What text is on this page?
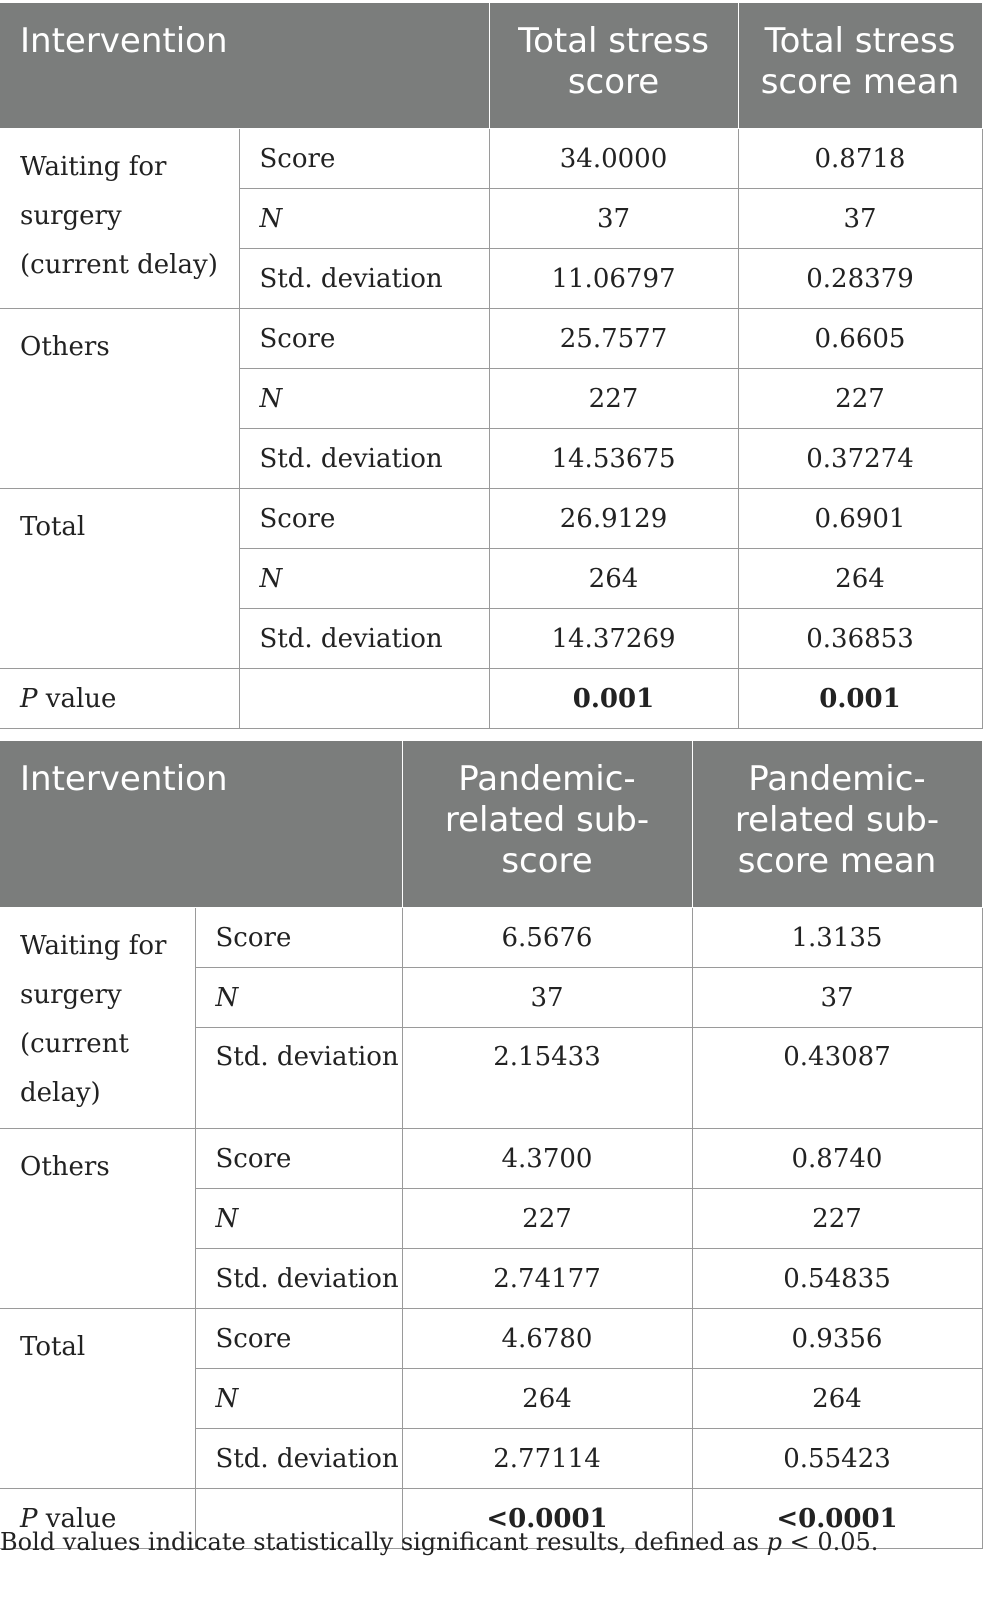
Intervention		Total stress score	Total stress score mean
Waiting for surgery (current delay)	Score	34.0000	0.8718
	N	37	37
	Std. deviation	11.06797	0.28379
Others	Score	25.7577	0.6605
	N	227	227
	Std. deviation	14.53675	0.37274
Total	Score	26.9129	0.6901
	N	264	264
	Std. deviation	14.37269	0.36853
P value		0.001	0.001
Intervention		Pandemic-related sub-score	Pandemic-related sub-score mean
Waiting for surgery (current delay)	Score	6.5676	1.3135
	N	37	37
	Std. deviation	2.15433	0.43087
Others	Score	4.3700	0.8740
	N	227	227
	Std. deviation	2.74177	0.54835
Total	Score	4.6780	0.9356
	N	264	264
	Std. deviation	2.77114	0.55423
P value		<0.0001	<0.0001
Bold values indicate statistically significant results, defined as p < 0.05.
